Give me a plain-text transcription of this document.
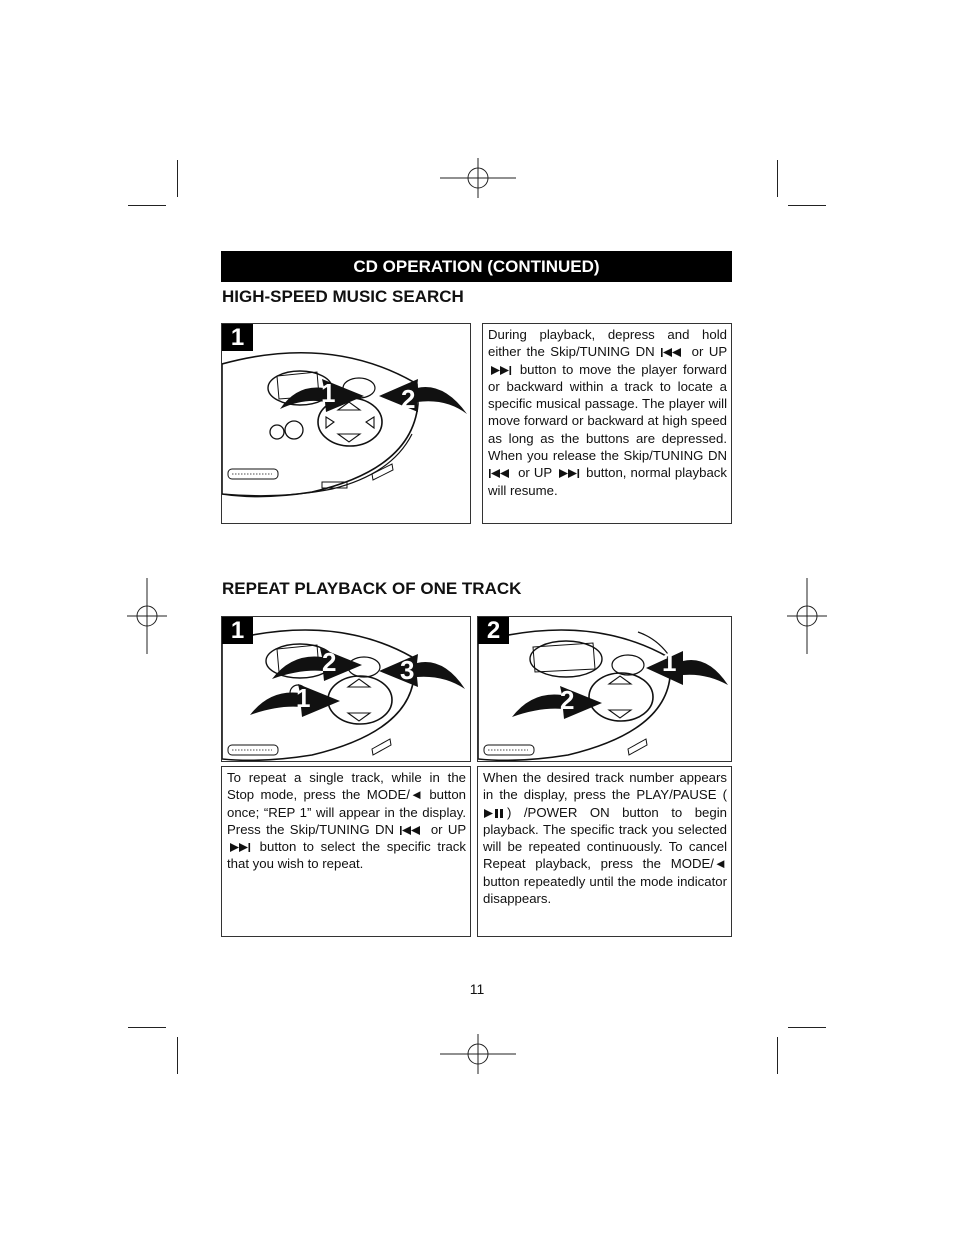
CD OPERATION (CONTINUED)
HIGH-SPEED MUSIC SEARCH
1
1	2
During playback, depress and hold either the Skip/TUNING DN	or UP  button to move the player forward or backward within a track to locate a specific musical passage. The player will move forward or backward at high speed as long as the buttons are depressed. When you release the Skip/TUNING DN  or UP	button, normal playback will resume.
REPEAT PLAYBACK OF ONE TRACK
1
2 3
1
2
1
2
To repeat a single track, while in the Stop mode, press the MODE/◄ button once; “REP 1” will appear in the display. Press the Skip/TUNING DN	or UP  button to select the specific track that you wish to repeat.
When the desired track number appears in the display, press the PLAY/PAUSE () /POWER ON button to begin playback. The specific track you selected will be repeated continuously. To cancel Repeat playback, press the MODE/◄ button repeatedly until the mode indicator disappears.
11
